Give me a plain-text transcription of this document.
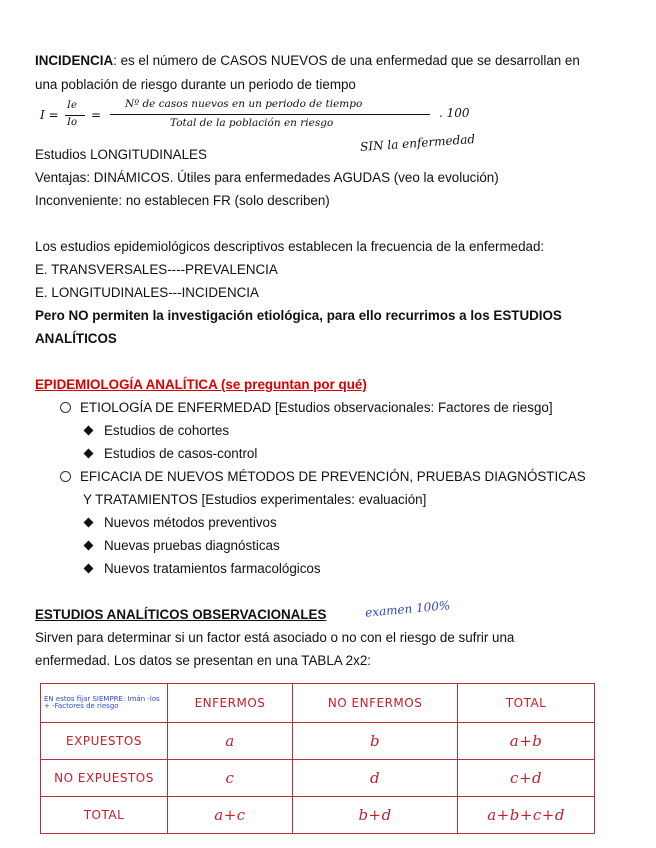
INCIDENCIA: es el número de CASOS NUEVOS de una enfermedad que se desarrollan en
una población de riesgo durante un periodo de tiempo
I =
Ie
Io
=
Nº de casos nuevos en un periodo de tiempo
Total de la población en riesgo
. 100
SIN la enfermedad
Estudios LONGITUDINALES
Ventajas: DINÁMICOS. Útiles para enfermedades AGUDAS (veo la evolución)
Inconveniente: no establecen FR (solo describen)
Los estudios epidemiológicos descriptivos establecen la frecuencia de la enfermedad:
E. TRANSVERSALES----PREVALENCIA
E. LONGITUDINALES---INCIDENCIA
Pero NO permiten la investigación etiológica, para ello recurrimos a los ESTUDIOS
ANALÍTICOS
EPIDEMIOLOGÍA ANALÍTICA (se preguntan por qué)
ETIOLOGÍA DE ENFERMEDAD [Estudios observacionales: Factores de riesgo]
Estudios de cohortes
Estudios de casos-control
EFICACIA DE NUEVOS MÉTODOS DE PREVENCIÓN, PRUEBAS DIAGNÓSTICAS
Y TRATAMIENTOS [Estudios experimentales: evaluación]
Nuevos métodos preventivos
Nuevas pruebas diagnósticas
Nuevos tratamientos farmacológicos
ESTUDIOS ANALÍTICOS OBSERVACIONALES	examen 100%
Sirven para determinar si un factor está asociado o no con el riesgo de sufrir una
enfermedad. Los datos se presentan en una TABLA 2x2:
EN estos fijar SIEMPRE: Imán -los + -Factores de riesgo	ENFERMOS	NO ENFERMOS	TOTAL
EXPUESTOS	a	b	a+b
NO EXPUESTOS	c	d	c+d
TOTAL	a+c	b+d	a+b+c+d
